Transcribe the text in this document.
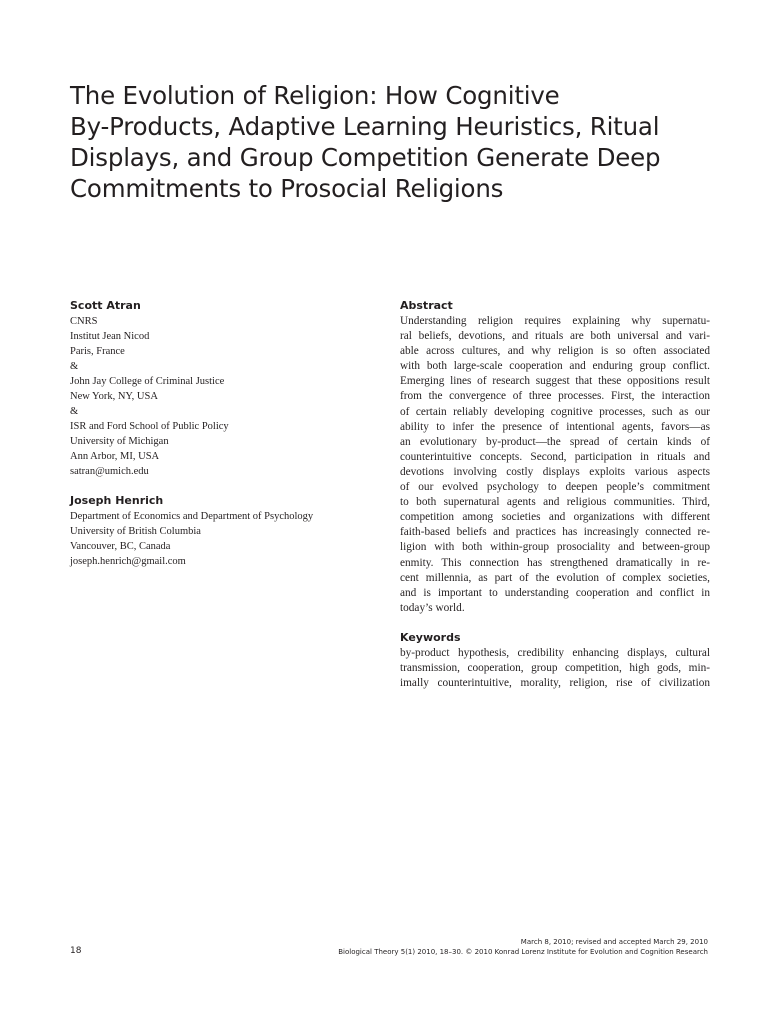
The Evolution of Religion: How Cognitive
By-Products, Adaptive Learning Heuristics, Ritual
Displays, and Group Competition Generate Deep
Commitments to Prosocial Religions
Scott Atran
CNRS
Institut Jean Nicod
Paris, France
&
John Jay College of Criminal Justice
New York, NY, USA
&
ISR and Ford School of Public Policy
University of Michigan
Ann Arbor, MI, USA
satran@umich.edu
Joseph Henrich
Department of Economics and Department of Psychology
University of British Columbia
Vancouver, BC, Canada
joseph.henrich@gmail.com
Abstract
Understanding religion requires explaining why supernatu-
ral beliefs, devotions, and rituals are both universal and vari-
able across cultures, and why religion is so often associated
with both large-scale cooperation and enduring group conflict.
Emerging lines of research suggest that these oppositions result
from the convergence of three processes. First, the interaction
of certain reliably developing cognitive processes, such as our
ability to infer the presence of intentional agents, favors—as
an evolutionary by-product—the spread of certain kinds of
counterintuitive concepts. Second, participation in rituals and
devotions involving costly displays exploits various aspects
of our evolved psychology to deepen people’s commitment
to both supernatural agents and religious communities. Third,
competition among societies and organizations with different
faith-based beliefs and practices has increasingly connected re-
ligion with both within-group prosociality and between-group
enmity. This connection has strengthened dramatically in re-
cent millennia, as part of the evolution of complex societies,
and is important to understanding cooperation and conflict in
today’s world.
Keywords
by-product hypothesis, credibility enhancing displays, cultural
transmission, cooperation, group competition, high gods, min-
imally counterintuitive, morality, religion, rise of civilization
18
March 8, 2010; revised and accepted March 29, 2010
Biological Theory 5(1) 2010, 18–30. © 2010 Konrad Lorenz Institute for Evolution and Cognition Research
